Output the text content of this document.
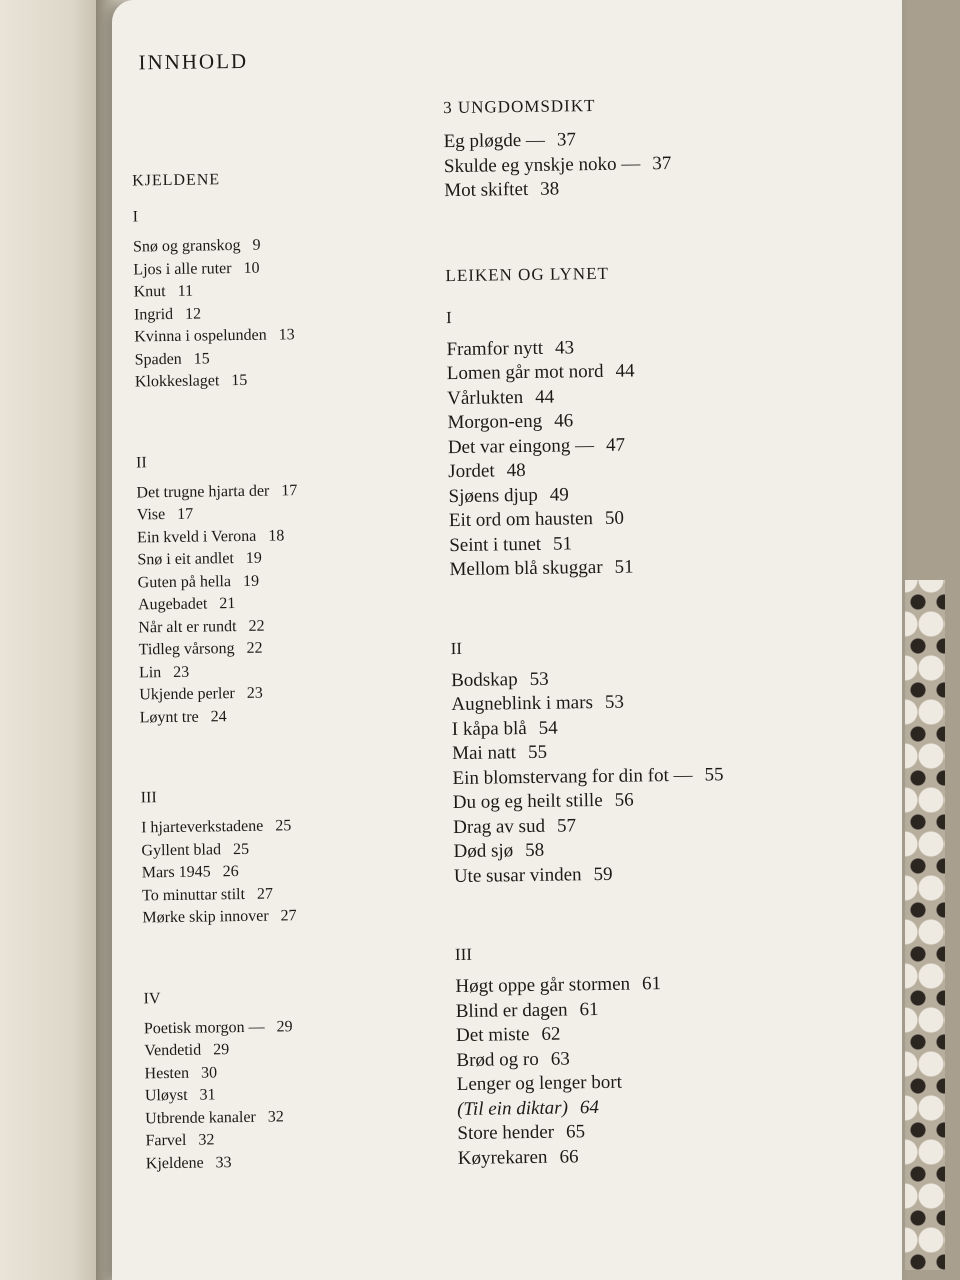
INNHOLD
KJELDENE
I
Snø og granskog 9
Ljos i alle ruter 10
Knut 11
Ingrid 12
Kvinna i ospelunden 13
Spaden 15
Klokkeslaget 15
II
Det trugne hjarta der 17
Vise 17
Ein kveld i Verona 18
Snø i eit andlet 19
Guten på hella 19
Augebadet 21
Når alt er rundt 22
Tidleg vårsong 22
Lin 23
Ukjende perler 23
Løynt tre 24
III
I hjarteverkstadene 25
Gyllent blad 25
Mars 1945 26
To minuttar stilt 27
Mørke skip innover 27
IV
Poetisk morgon — 29
Vendetid 29
Hesten 30
Uløyst 31
Utbrende kanaler 32
Farvel 32
Kjeldene 33
3 UNGDOMSDIKT
Eg pløgde — 37
Skulde eg ynskje noko — 37
Mot skiftet 38
LEIKEN OG LYNET
I
Framfor nytt 43
Lomen går mot nord 44
Vårlukten 44
Morgon-eng 46
Det var eingong — 47
Jordet 48
Sjøens djup 49
Eit ord om hausten 50
Seint i tunet 51
Mellom blå skuggar 51
II
Bodskap 53
Augneblink i mars 53
I kåpa blå 54
Mai natt 55
Ein blomstervang for din fot — 55
Du og eg heilt stille 56
Drag av sud 57
Død sjø 58
Ute susar vinden 59
III
Høgt oppe går stormen 61
Blind er dagen 61
Det miste 62
Brød og ro 63
Lenger og lenger bort
(Til ein diktar) 64
Store hender 65
Køyrekaren 66
